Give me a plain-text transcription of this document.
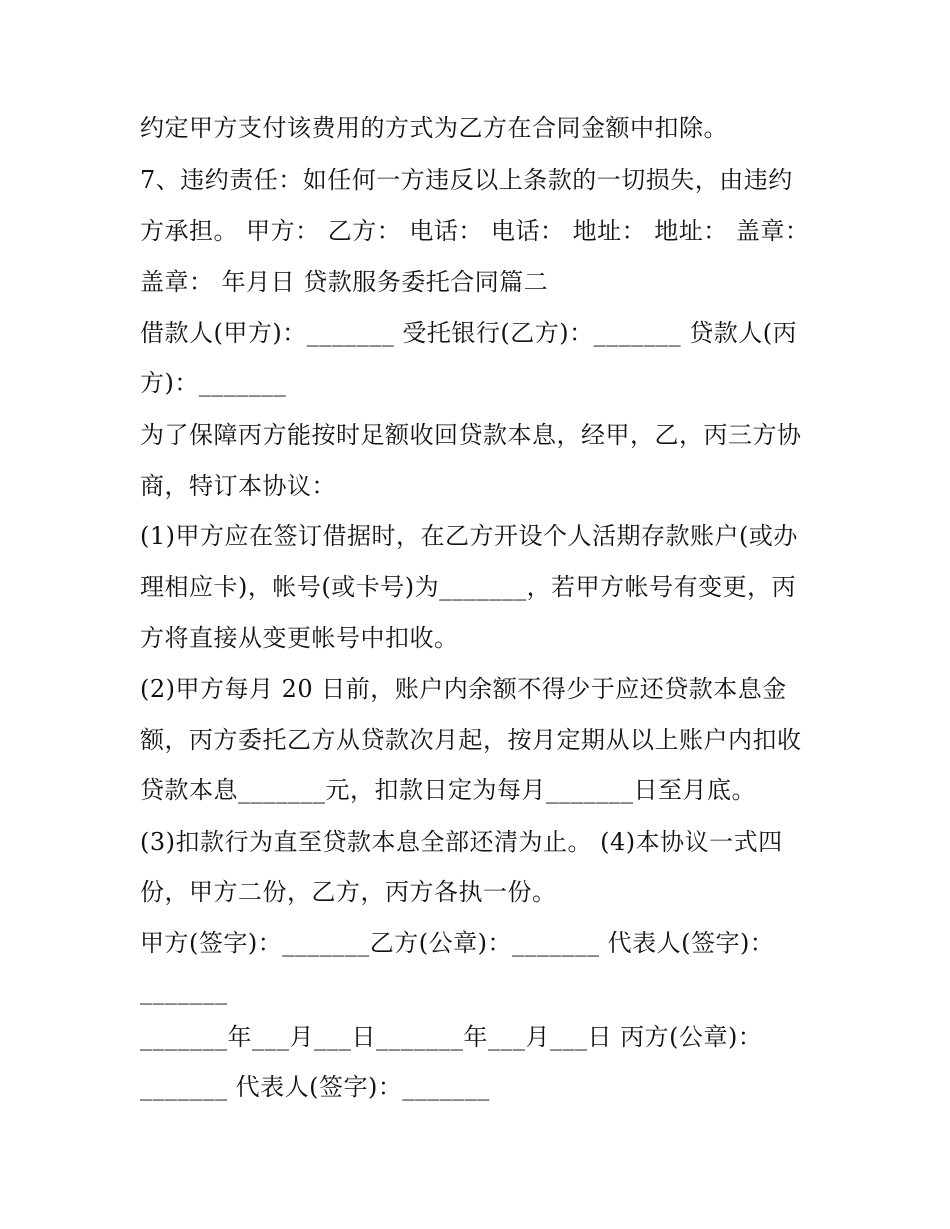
约定甲方支付该费用的方式为乙方在合同金额中扣除。
7、违约责任：如任何一方违反以上条款的一切损失，由违约
方承担。 甲方： 乙方： 电话： 电话： 地址： 地址： 盖章：
盖章： 年月日 贷款服务委托合同篇二
借款人(甲方)：_______ 受托银行(乙方)：_______ 贷款人(丙
方)：_______
为了保障丙方能按时足额收回贷款本息，经甲，乙，丙三方协
商，特订本协议：
(1)甲方应在签订借据时，在乙方开设个人活期存款账户(或办
理相应卡)，帐号(或卡号)为_______，若甲方帐号有变更，丙
方将直接从变更帐号中扣收。
(2)甲方每月 20 日前，账户内余额不得少于应还贷款本息金
额，丙方委托乙方从贷款次月起，按月定期从以上账户内扣收
贷款本息_______元，扣款日定为每月_______日至月底。
(3)扣款行为直至贷款本息全部还清为止。 (4)本协议一式四
份，甲方二份，乙方，丙方各执一份。
甲方(签字)：_______乙方(公章)：_______ 代表人(签字)：
_______
_______年___月___日_______年___月___日 丙方(公章)：
_______ 代表人(签字)：_______
